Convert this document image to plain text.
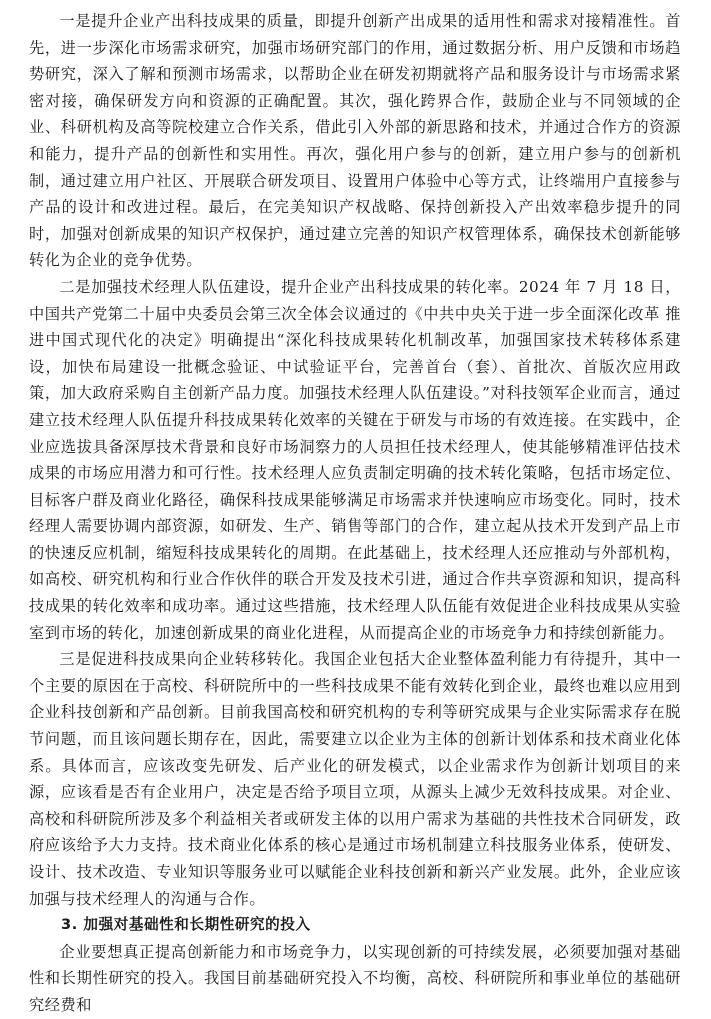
一是提升企业产出科技成果的质量，即提升创新产出成果的适用性和需求对接精准性。首先，进一步深化市场需求研究，加强市场研究部门的作用，通过数据分析、用户反馈和市场趋势研究，深入了解和预测市场需求，以帮助企业在研发初期就将产品和服务设计与市场需求紧密对接，确保研发方向和资源的正确配置。其次，强化跨界合作，鼓励企业与不同领域的企业、科研机构及高等院校建立合作关系，借此引入外部的新思路和技术，并通过合作方的资源和能力，提升产品的创新性和实用性。再次，强化用户参与的创新，建立用户参与的创新机制，通过建立用户社区、开展联合研发项目、设置用户体验中心等方式，让终端用户直接参与产品的设计和改进过程。最后，在完美知识产权战略、保持创新投入产出效率稳步提升的同时，加强对创新成果的知识产权保护，通过建立完善的知识产权管理体系，确保技术创新能够转化为企业的竞争优势。

二是加强技术经理人队伍建设，提升企业产出科技成果的转化率。2024 年 7 月 18 日，中国共产党第二十届中央委员会第三次全体会议通过的《中共中央关于进一步全面深化改革 推进中国式现代化的决定》明确提出“深化科技成果转化机制改革，加强国家技术转移体系建设，加快布局建设一批概念验证、中试验证平台，完善首台（套）、首批次、首版次应用政策，加大政府采购自主创新产品力度。加强技术经理人队伍建设。”对科技领军企业而言，通过建立技术经理人队伍提升科技成果转化效率的关键在于研发与市场的有效连接。在实践中，企业应选拔具备深厚技术背景和良好市场洞察力的人员担任技术经理人，使其能够精准评估技术成果的市场应用潜力和可行性。技术经理人应负责制定明确的技术转化策略，包括市场定位、目标客户群及商业化路径，确保科技成果能够满足市场需求并快速响应市场变化。同时，技术经理人需要协调内部资源，如研发、生产、销售等部门的合作，建立起从技术开发到产品上市的快速反应机制，缩短科技成果转化的周期。在此基础上，技术经理人还应推动与外部机构，如高校、研究机构和行业合作伙伴的联合开发及技术引进，通过合作共享资源和知识，提高科技成果的转化效率和成功率。通过这些措施，技术经理人队伍能有效促进企业科技成果从实验室到市场的转化，加速创新成果的商业化进程，从而提高企业的市场竞争力和持续创新能力。

三是促进科技成果向企业转移转化。我国企业包括大企业整体盈利能力有待提升，其中一个主要的原因在于高校、科研院所中的一些科技成果不能有效转化到企业，最终也难以应用到企业科技创新和产品创新。目前我国高校和研究机构的专利等研究成果与企业实际需求存在脱节问题，而且该问题长期存在，因此，需要建立以企业为主体的创新计划体系和技术商业化体系。具体而言，应该改变先研发、后产业化的研发模式，以企业需求作为创新计划项目的来源，应该看是否有企业用户，决定是否给予项目立项，从源头上减少无效科技成果。对企业、高校和科研院所涉及多个利益相关者或研发主体的以用户需求为基础的共性技术合同研发，政府应该给予大力支持。技术商业化体系的核心是通过市场机制建立科技服务业体系，使研发、设计、技术改造、专业知识等服务业可以赋能企业科技创新和新兴产业发展。此外，企业应该加强与技术经理人的沟通与合作。

3. 加强对基础性和长期性研究的投入

企业要想真正提高创新能力和市场竞争力，以实现创新的可持续发展，必须要加强对基础性和长期性研究的投入。我国目前基础研究投入不均衡，高校、科研院所和事业单位的基础研究经费和
